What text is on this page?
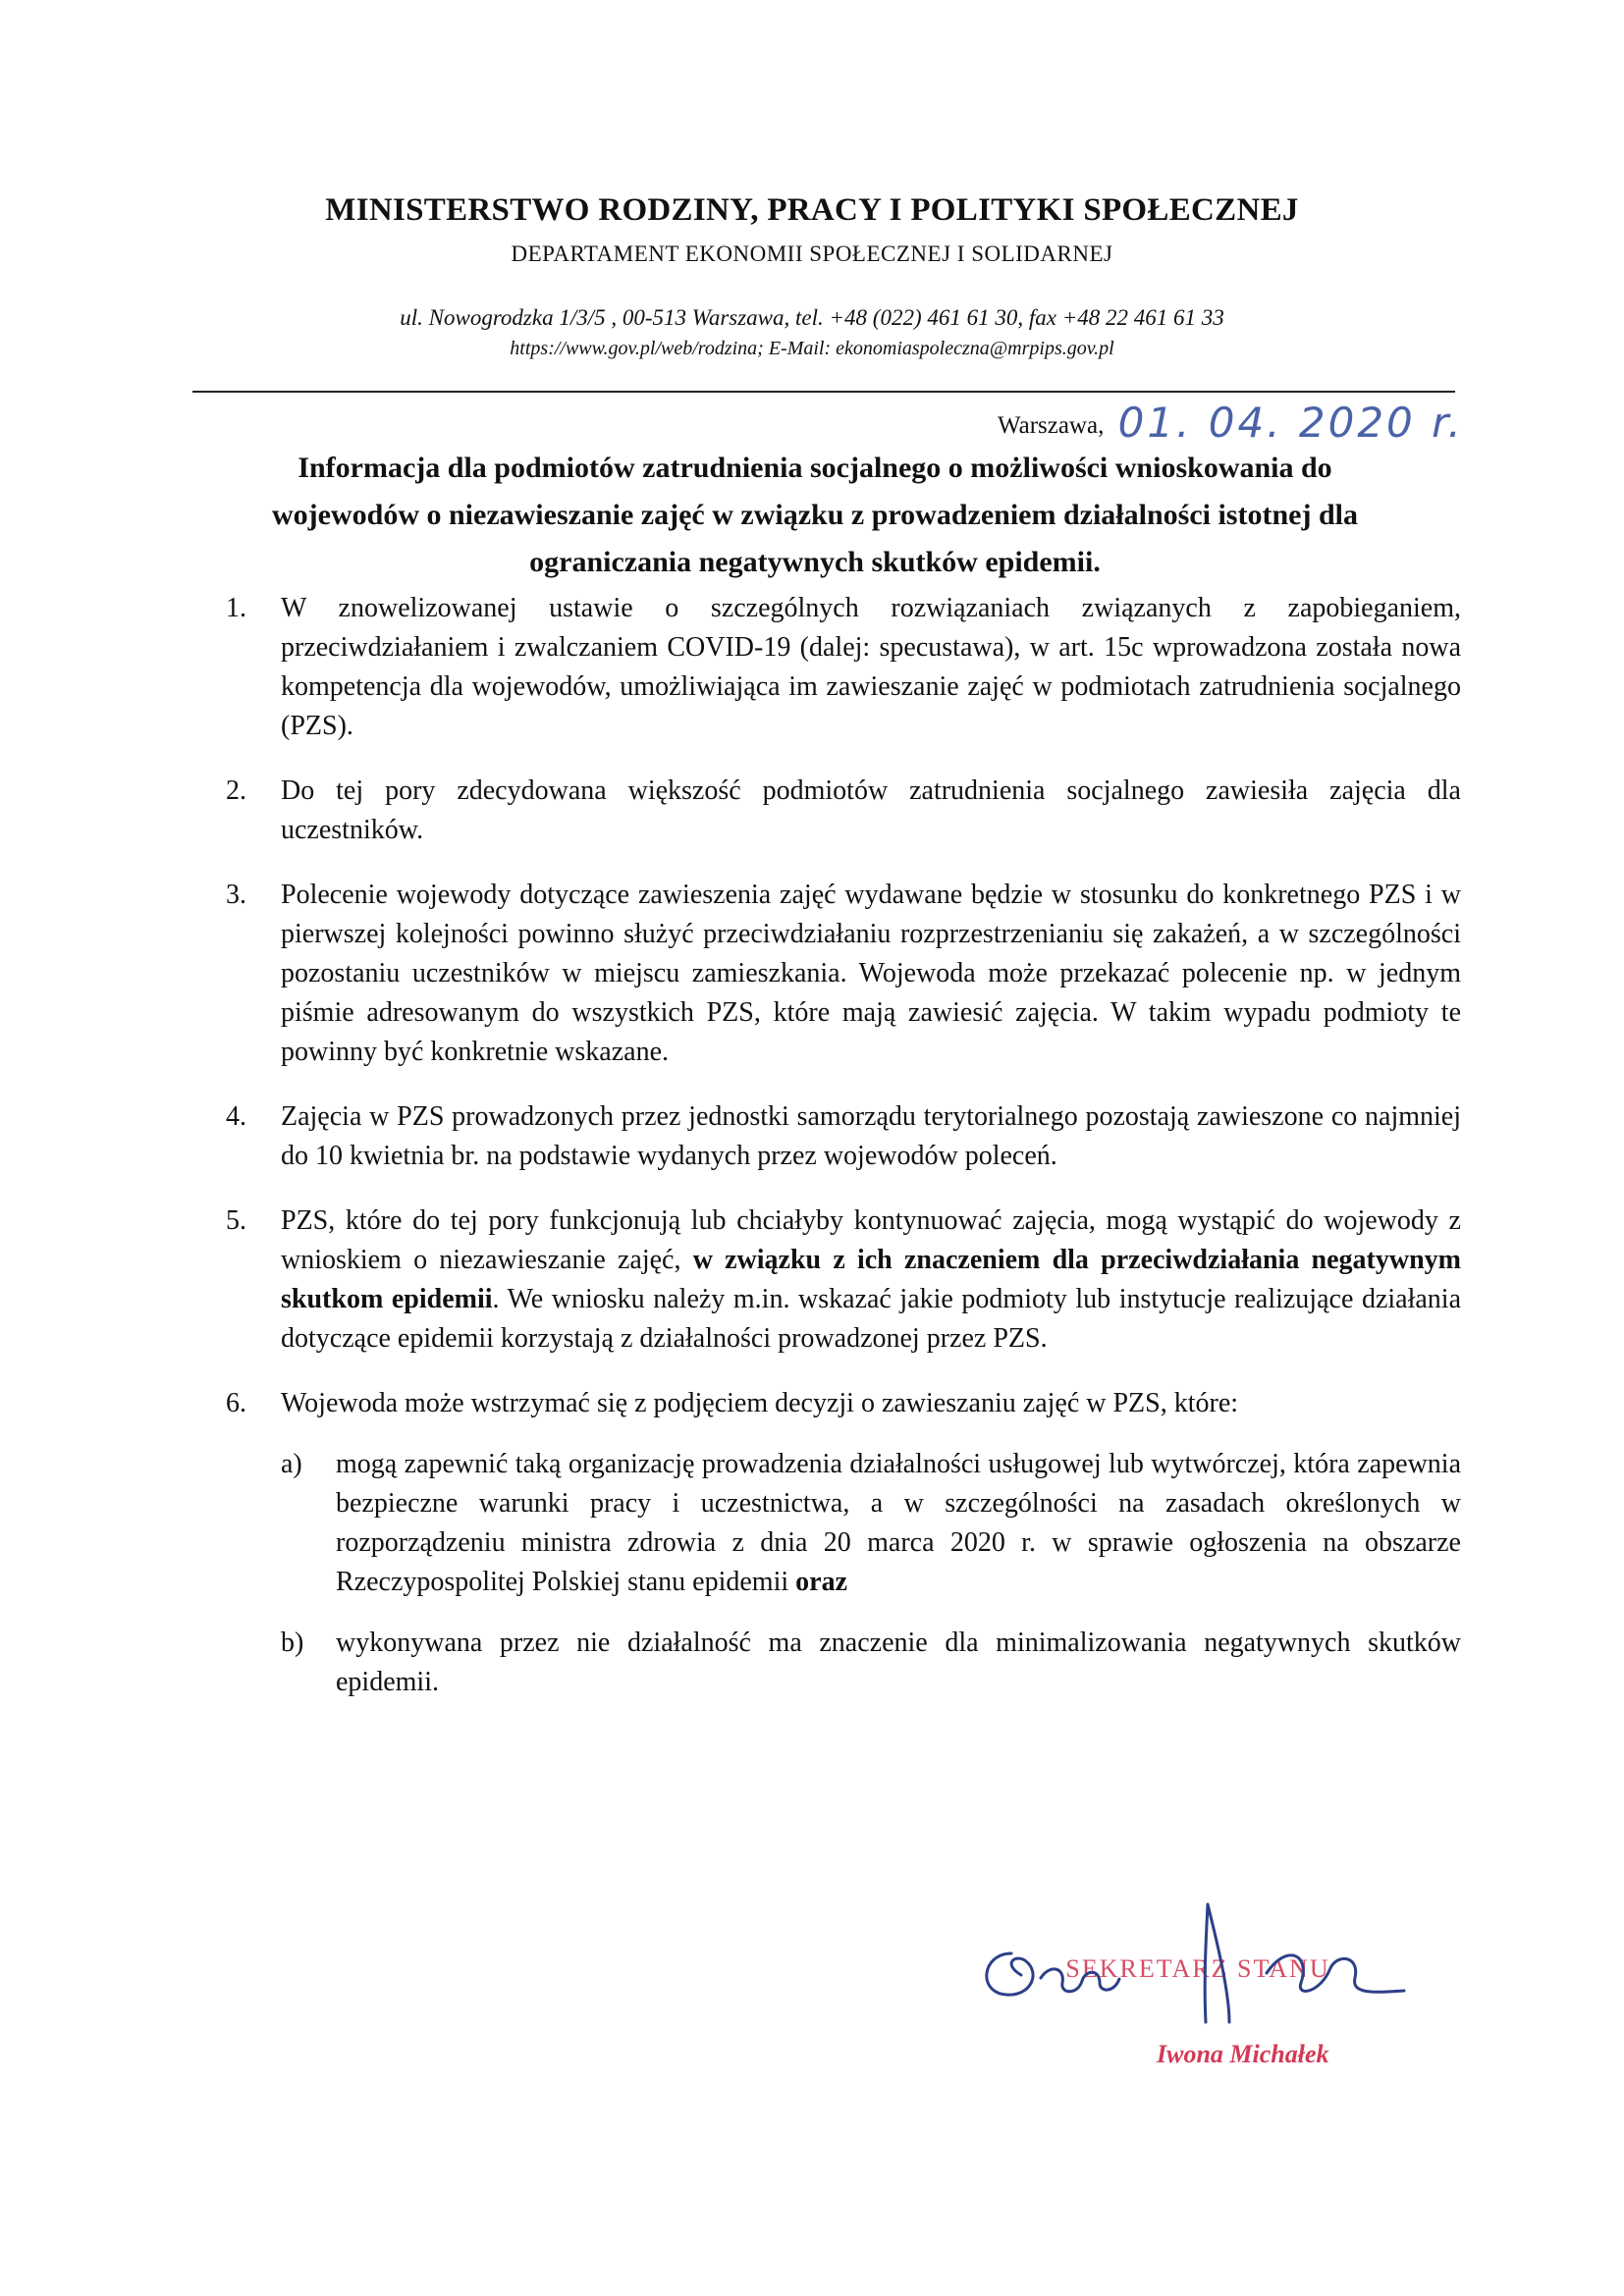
MINISTERSTWO RODZINY, PRACY I POLITYKI SPOŁECZNEJ
DEPARTAMENT EKONOMII SPOŁECZNEJ I SOLIDARNEJ
ul. Nowogrodzka 1/3/5 , 00-513 Warszawa, tel. +48 (022) 461 61 30, fax +48 22 461 61 33
https://www.gov.pl/web/rodzina; E-Mail: ekonomiaspoleczna@mrpips.gov.pl
Warszawa, 01. 04. 2020 r.
Informacja dla podmiotów zatrudnienia socjalnego o możliwości wnioskowania do wojewodów o niezawieszanie zajęć w związku z prowadzeniem działalności istotnej dla ograniczania negatywnych skutków epidemii.
1.	W znowelizowanej ustawie o szczególnych rozwiązaniach związanych z zapobieganiem, przeciwdziałaniem i zwalczaniem COVID-19 (dalej: specustawa), w art. 15c wprowadzona została nowa kompetencja dla wojewodów, umożliwiająca im zawieszanie zajęć w podmiotach zatrudnienia socjalnego (PZS).
2.	Do tej pory zdecydowana większość podmiotów zatrudnienia socjalnego zawiesiła zajęcia dla uczestników.
3.	Polecenie wojewody dotyczące zawieszenia zajęć wydawane będzie w stosunku do konkretnego PZS i w pierwszej kolejności powinno służyć przeciwdziałaniu rozprzestrzenianiu się zakażeń, a w szczególności pozostaniu uczestników w miejscu zamieszkania. Wojewoda może przekazać polecenie np. w jednym piśmie adresowanym do wszystkich PZS, które mają zawiesić zajęcia. W takim wypadu podmioty te powinny być konkretnie wskazane.
4.	Zajęcia w PZS prowadzonych przez jednostki samorządu terytorialnego pozostają zawieszone co najmniej do 10 kwietnia br. na podstawie wydanych przez wojewodów poleceń.
5.	PZS, które do tej pory funkcjonują lub chciałyby kontynuować zajęcia, mogą wystąpić do wojewody z wnioskiem o niezawieszanie zajęć, w związku z ich znaczeniem dla przeciwdziałania negatywnym skutkom epidemii. We wniosku należy m.in. wskazać jakie podmioty lub instytucje realizujące działania dotyczące epidemii korzystają z działalności prowadzonej przez PZS.
6.	Wojewoda może wstrzymać się z podjęciem decyzji o zawieszaniu zajęć w PZS, które:
a) mogą zapewnić taką organizację prowadzenia działalności usługowej lub wytwórczej, która zapewnia bezpieczne warunki pracy i uczestnictwa, a w szczególności na zasadach określonych w rozporządzeniu ministra zdrowia z dnia 20 marca 2020 r. w sprawie ogłoszenia na obszarze Rzeczypospolitej Polskiej stanu epidemii oraz
b) wykonywana przez nie działalność ma znaczenie dla minimalizowania negatywnych skutków epidemii.
SEKRETARZ STANU
Iwona Michałek
Iwona Michałek
